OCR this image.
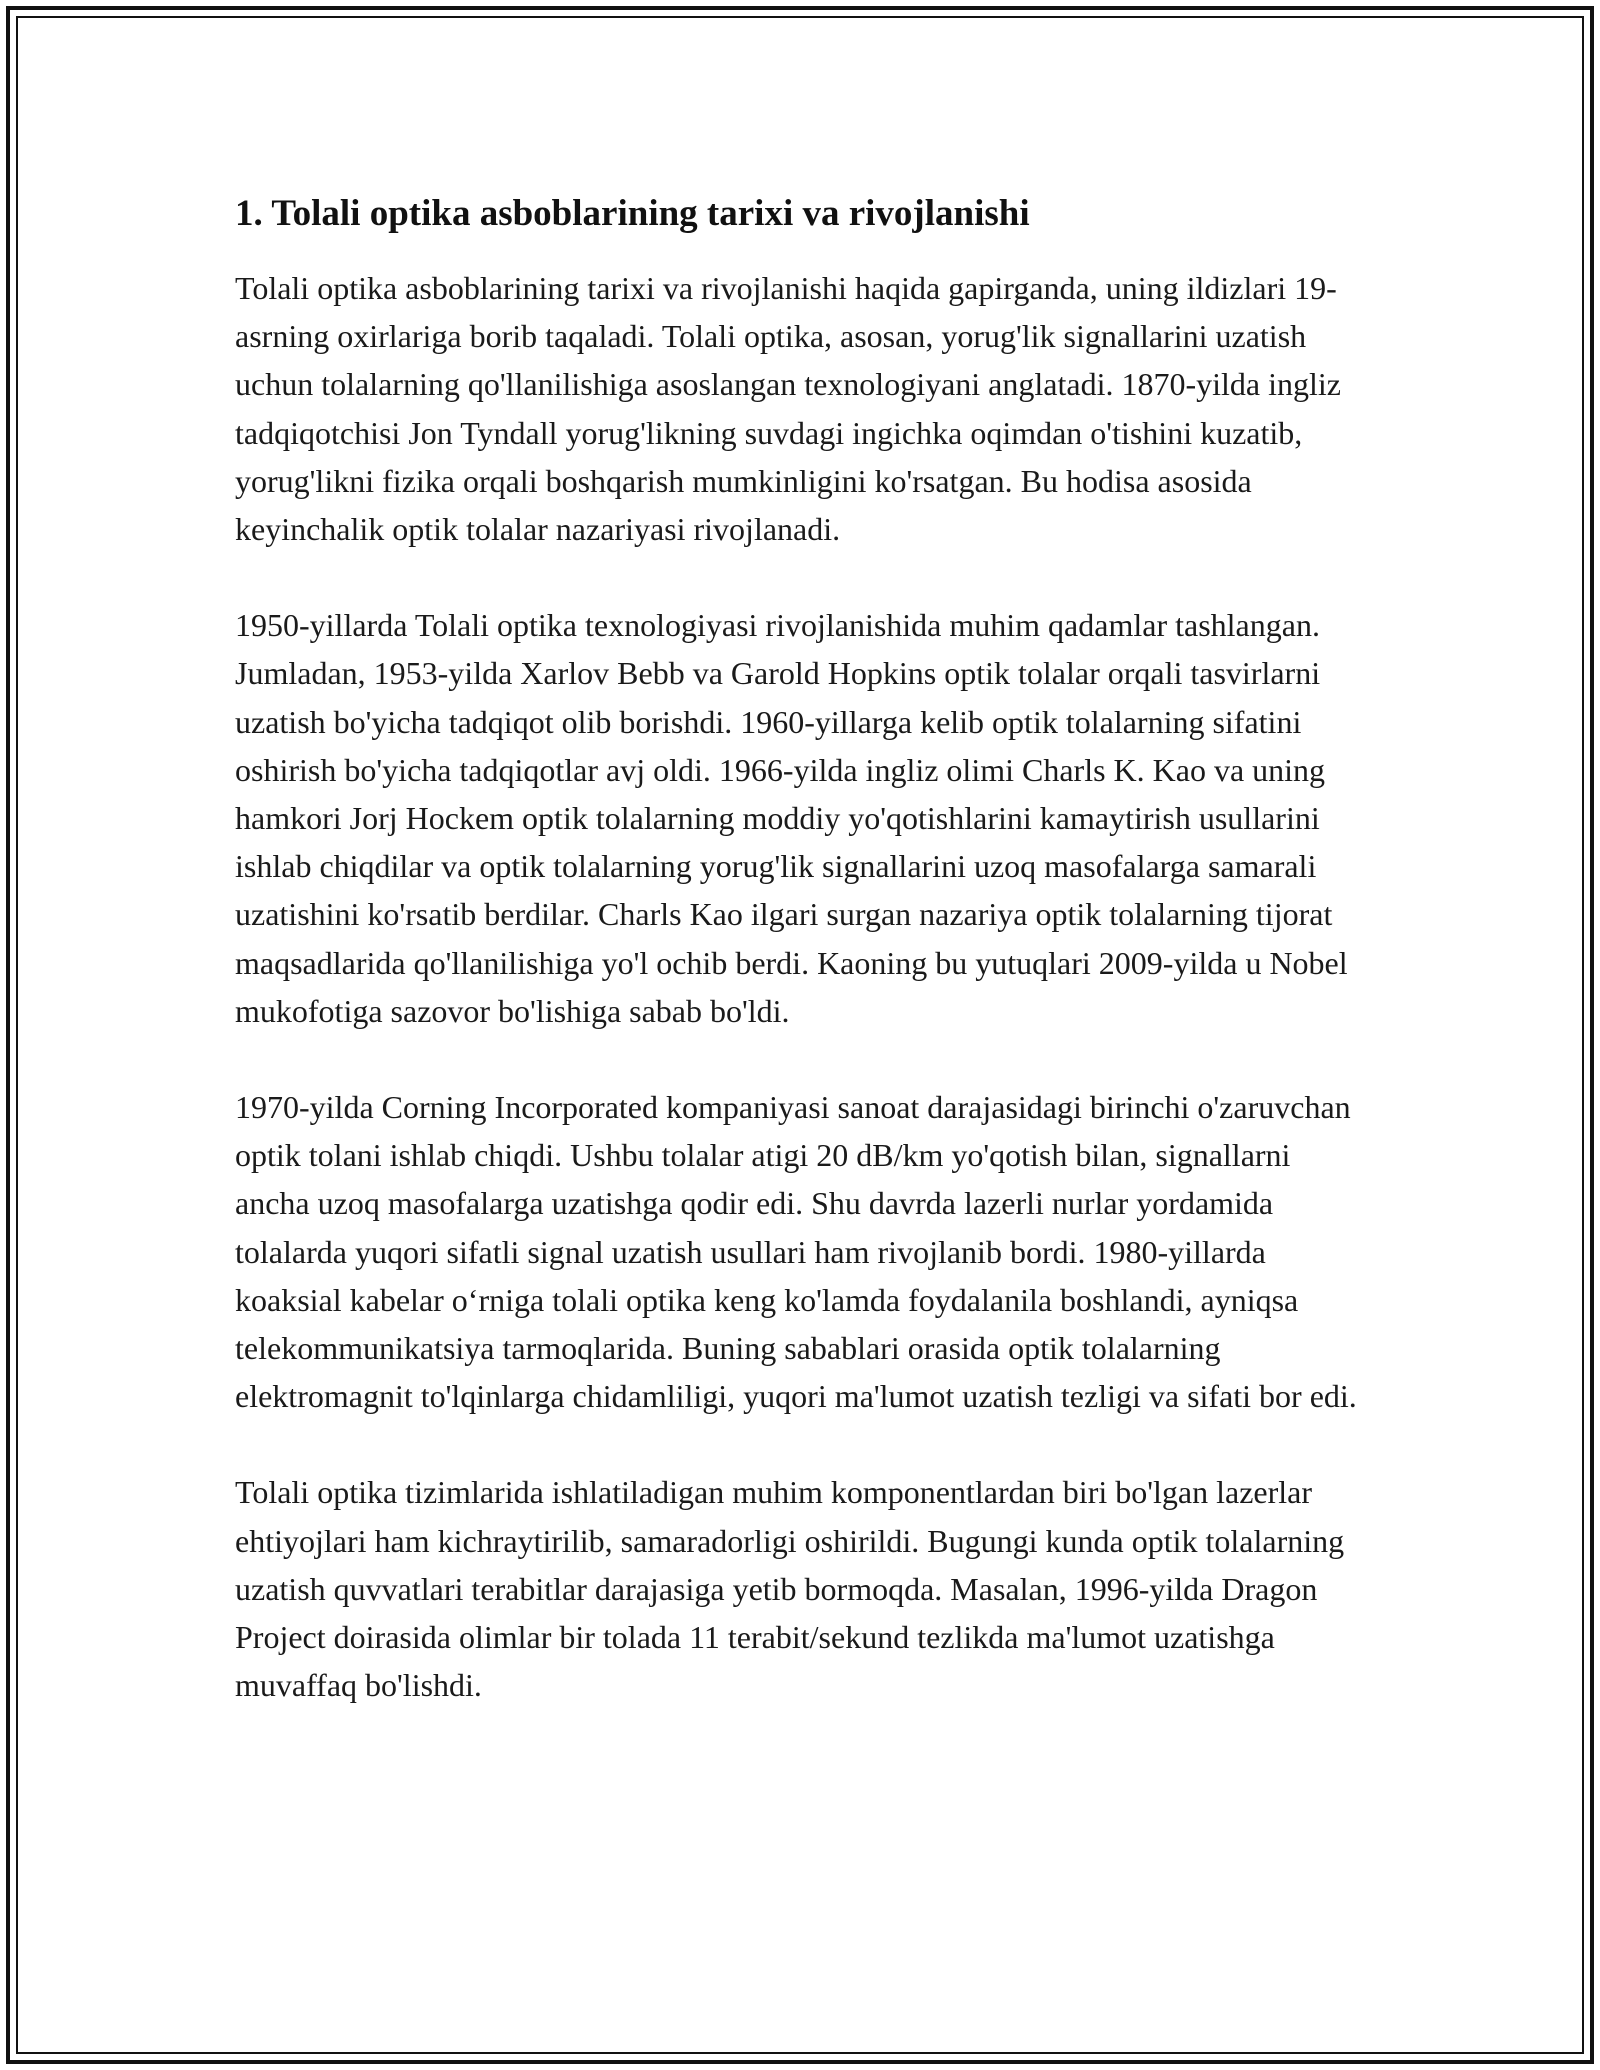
1. Tolali optika asboblarining tarixi va rivojlanishi

Tolali optika asboblarining tarixi va rivojlanishi haqida gapirganda, uning ildizlari 19-asrning oxirlariga borib taqaladi. Tolali optika, asosan, yorug'lik signallarini uzatish uchun tolalarning qo'llanilishiga asoslangan texnologiyani anglatadi. 1870-yilda ingliz tadqiqotchisi Jon Tyndall yorug'likning suvdagi ingichka oqimdan o'tishini kuzatib, yorug'likni fizika orqali boshqarish mumkinligini ko'rsatgan. Bu hodisa asosida keyinchalik optik tolalar nazariyasi rivojlanadi.

1950-yillarda Tolali optika texnologiyasi rivojlanishida muhim qadamlar tashlangan. Jumladan, 1953-yilda Xarlov Bebb va Garold Hopkins optik tolalar orqali tasvirlarni uzatish bo'yicha tadqiqot olib borishdi. 1960-yillarga kelib optik tolalarning sifatini oshirish bo'yicha tadqiqotlar avj oldi. 1966-yilda ingliz olimi Charls K. Kao va uning hamkori Jorj Hockem optik tolalarning moddiy yo'qotishlarini kamaytirish usullarini ishlab chiqdilar va optik tolalarning yorug'lik signallarini uzoq masofalarga samarali uzatishini ko'rsatib berdilar. Charls Kao ilgari surgan nazariya optik tolalarning tijorat maqsadlarida qo'llanilishiga yo'l ochib berdi. Kaoning bu yutuqlari 2009-yilda u Nobel mukofotiga sazovor bo'lishiga sabab bo'ldi.

1970-yilda Corning Incorporated kompaniyasi sanoat darajasidagi birinchi o'zaruvchan optik tolani ishlab chiqdi. Ushbu tolalar atigi 20 dB/km yo'qotish bilan, signallarni ancha uzoq masofalarga uzatishga qodir edi. Shu davrda lazerli nurlar yordamida tolalarda yuqori sifatli signal uzatish usullari ham rivojlanib bordi. 1980-yillarda koaksial kabelar o‘rniga tolali optika keng ko'lamda foydalanila boshlandi, ayniqsa telekommunikatsiya tarmoqlarida. Buning sabablari orasida optik tolalarning elektromagnit to'lqinlarga chidamliligi, yuqori ma'lumot uzatish tezligi va sifati bor edi.

Tolali optika tizimlarida ishlatiladigan muhim komponentlardan biri bo'lgan lazerlar ehtiyojlari ham kichraytirilib, samaradorligi oshirildi. Bugungi kunda optik tolalarning uzatish quvvatlari terabitlar darajasiga yetib bormoqda. Masalan, 1996-yilda Dragon Project doirasida olimlar bir tolada 11 terabit/sekund tezlikda ma'lumot uzatishga muvaffaq bo'lishdi.
